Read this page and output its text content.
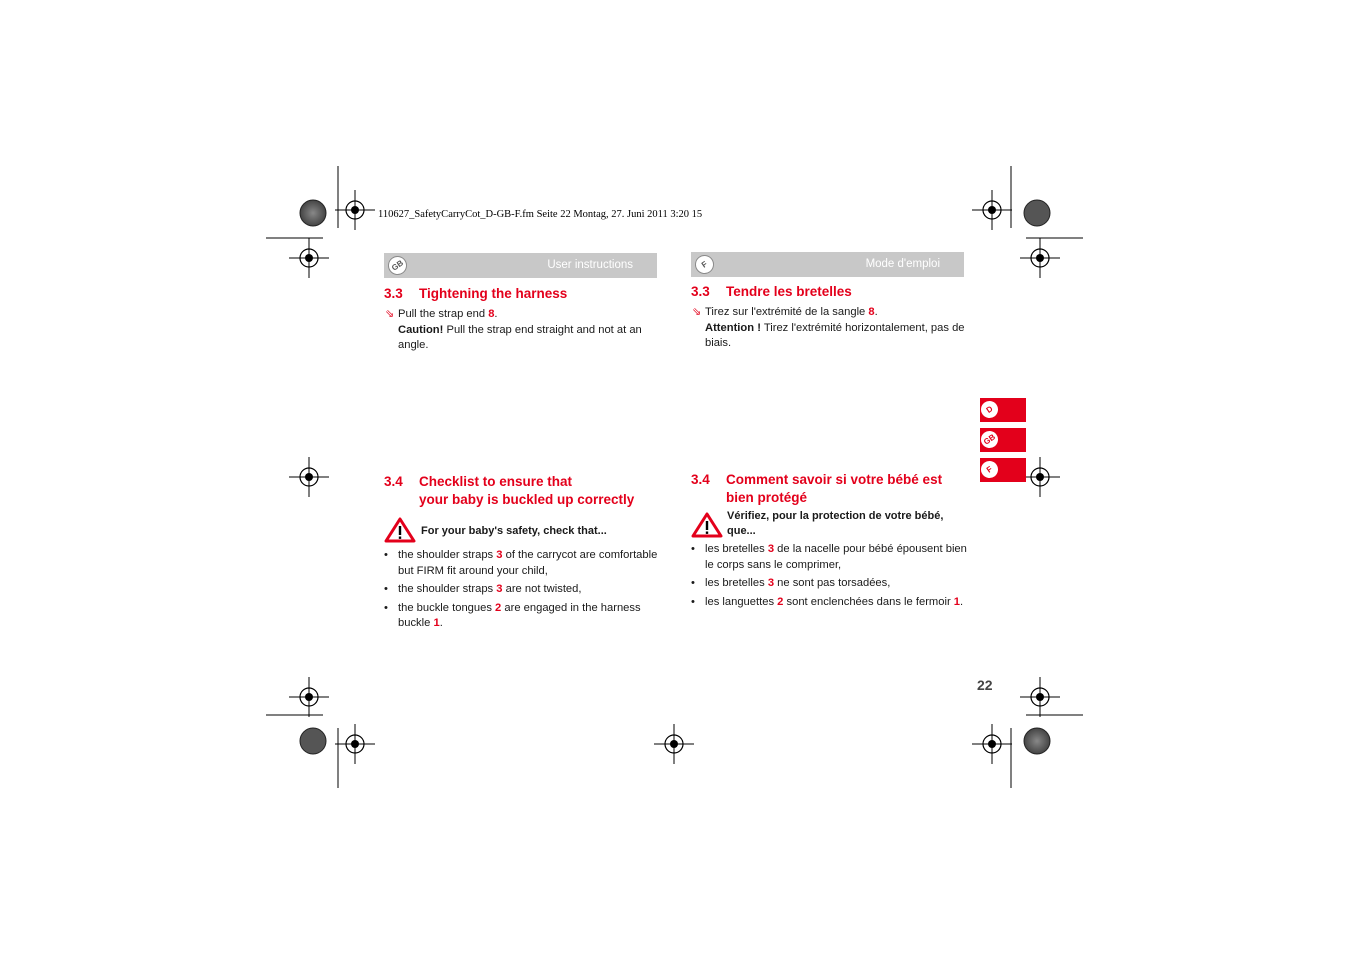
110627_SafetyCarryCot_D-GB-F.fm Seite 22 Montag, 27. Juni 2011 3:20 15
GB	User instructions
3.3 Tightening the harness
⇘ Pull the strap end 8.
Caution! Pull the strap end straight and not at an angle.
3.4 Checklist to ensure that
your baby is buckled up correctly
For your baby's safety, check that...
• the shoulder straps 3 of the carrycot are comfortable but FIRM fit around your child,
• the shoulder straps 3 are not twisted,
• the buckle tongues 2 are engaged in the harness buckle 1.
F	Mode d'emploi
3.3 Tendre les bretelles
⇘ Tirez sur l'extrémité de la sangle 8.
Attention ! Tirez l'extrémité horizontalement, pas de biais.
3.4 Comment savoir si votre bébé est
bien protégé
Vérifiez, pour la protection de votre bébé, que...
• les bretelles 3 de la nacelle pour bébé épousent bien le corps sans le comprimer,
• les bretelles 3 ne sont pas torsadées,
• les languettes 2 sont enclenchées dans le fermoir 1.
D
GB
F
22
